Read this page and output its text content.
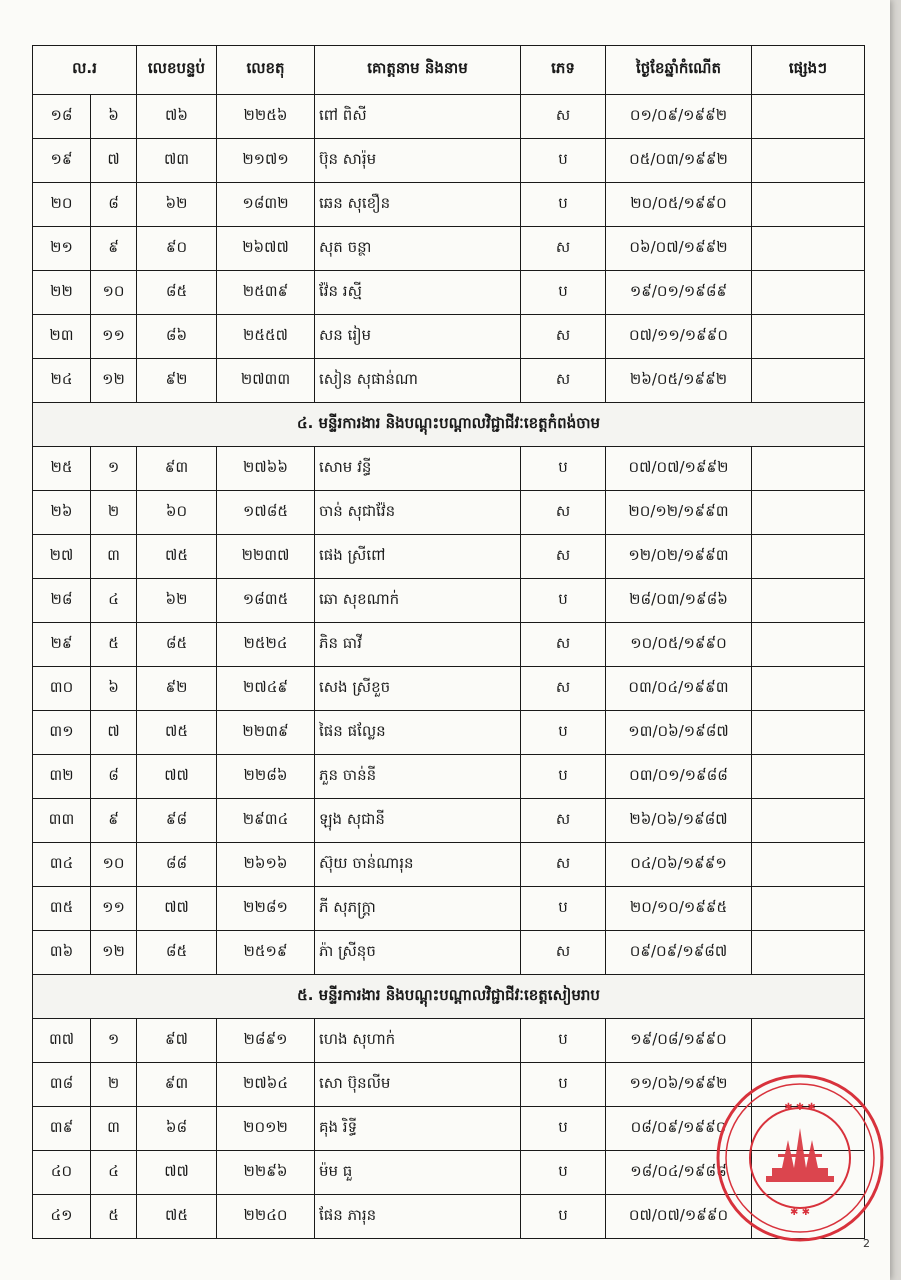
ល.រ		លេខបន្ទប់	លេខតុ	គោត្តនាម និងនាម	ភេទ	ថ្ងៃខែឆ្នាំកំណើត	ផ្សេងៗ
១៨	៦	៧៦	២២៥៦	ពៅ ពិសី	ស	០១/០៩/១៩៩២	
១៩	៧	៧៣	២១៧១	ប៊ុន សារ៉ុម	ប	០៥/០៣/១៩៩២	
២០	៨	៦២	១៨៣២	ឆេន សុខឿន	ប	២០/០៥/១៩៩០	
២១	៩	៩០	២៦៧៧	សុត ចន្ថា	ស	០៦/០៧/១៩៩២	
២២	១០	៨៥	២៥៣៩	វ៉ែន រស្មី	ប	១៩/០១/១៩៨៩	
២៣	១១	៨៦	២៥៥៧	សន រៀម	ស	០៧/១១/១៩៩០	
២៤	១២	៩២	២៧៣៣	សៀន សុផាន់ណា	ស	២៦/០៥/១៩៩២	
៤. មន្ទីរការងារ និងបណ្ដុះបណ្ដាលវិជ្ជាជីវៈខេត្តកំពង់ចាម							
២៥	១	៩៣	២៧៦៦	សោម វន្ធី	ប	០៧/០៧/១៩៩២	
២៦	២	៦០	១៧៨៥	ចាន់ សុជាវ៉ែន	ស	២០/១២/១៩៩៣	
២៧	៣	៧៥	២២៣៧	ផេង ស្រីពៅ	ស	១២/០២/១៩៩៣	
២៨	៤	៦២	១៨៣៥	ឆោ សុខណាក់	ប	២៨/០៣/១៩៨៦	
២៩	៥	៨៥	២៥២៤	ភិន ធាវី	ស	១០/០៥/១៩៩០	
៣០	៦	៩២	២៧៤៩	សេង ស្រីខួច	ស	០៣/០៤/១៩៩៣	
៣១	៧	៧៥	២២៣៩	ផៃន ផល្លែន	ប	១៣/០៦/១៩៨៧	
៣២	៨	៧៧	២២៨៦	ភួន ចាន់នី	ប	០៣/០១/១៩៨៨	
៣៣	៩	៩៨	២៩៣៤	ឡុង សុជានី	ស	២៦/០៦/១៩៨៧	
៣៤	១០	៨៨	២៦១៦	ស៊ុយ ចាន់ណារុន	ស	០៤/០៦/១៩៩១	
៣៥	១១	៧៧	២២៨១	ភី សុភក្ត្រា	ប	២០/១០/១៩៩៥	
៣៦	១២	៨៥	២៥១៩	ភ៉ា ស្រីនុច	ស	០៩/០៩/១៩៨៧	
៥. មន្ទីរការងារ និងបណ្ដុះបណ្ដាលវិជ្ជាជីវៈខេត្តសៀមរាប							
៣៧	១	៩៧	២៨៩១	ហេង សុហាក់	ប	១៩/០៨/១៩៩០	
៣៨	២	៩៣	២៧៦៤	សោ ប៊ុនលីម	ប	១១/០៦/១៩៩២	
៣៩	៣	៦៨	២០១២	គុង រិទ្ធី	ប	០៨/០៩/១៩៩០	
៤០	៤	៧៧	២២៩៦	ម៉ម ធួ	ប	១៨/០៤/១៩៨៨	
៤១	៥	៧៥	២២៤០	ផែន ភារុន	ប	០៧/០៧/១៩៩០	
✱ ✱ ✱
✱ ✱
2
